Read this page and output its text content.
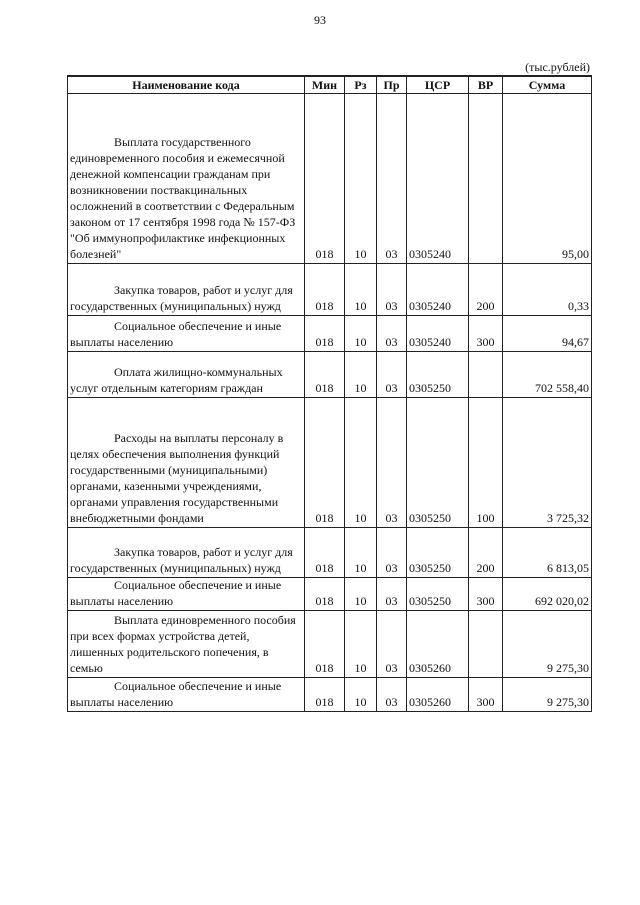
93
(тыс.рублей)
Наименование кода	Мин	Рз	Пр	ЦСР	ВР	Сумма

Выплата государственного единовременного пособия и ежемесячной денежной компенсации гражданам при возникновении поствакцинальных осложнений в соответствии с Федеральным законом от 17 сентября 1998 года № 157-ФЗ "Об иммунопрофилактике инфекционных болезней"	018	10	03	0305240		95,00

Закупка товаров, работ и услуг для государственных (муниципальных) нужд	018	10	03	0305240	200	0,33

Социальное обеспечение и иные выплаты населению	018	10	03	0305240	300	94,67

Оплата жилищно-коммунальных услуг отдельным категориям граждан	018	10	03	0305250		702 558,40

Расходы на выплаты персоналу в целях обеспечения выполнения функций государственными (муниципальными) органами, казенными учреждениями, органами управления государственными внебюджетными фондами	018	10	03	0305250	100	3 725,32

Закупка товаров, работ и услуг для государственных (муниципальных) нужд	018	10	03	0305250	200	6 813,05

Социальное обеспечение и иные выплаты населению	018	10	03	0305250	300	692 020,02

Выплата единовременного пособия при всех формах устройства детей, лишенных родительского попечения, в семью	018	10	03	0305260		9 275,30

Социальное обеспечение и иные выплаты населению	018	10	03	0305260	300	9 275,30
